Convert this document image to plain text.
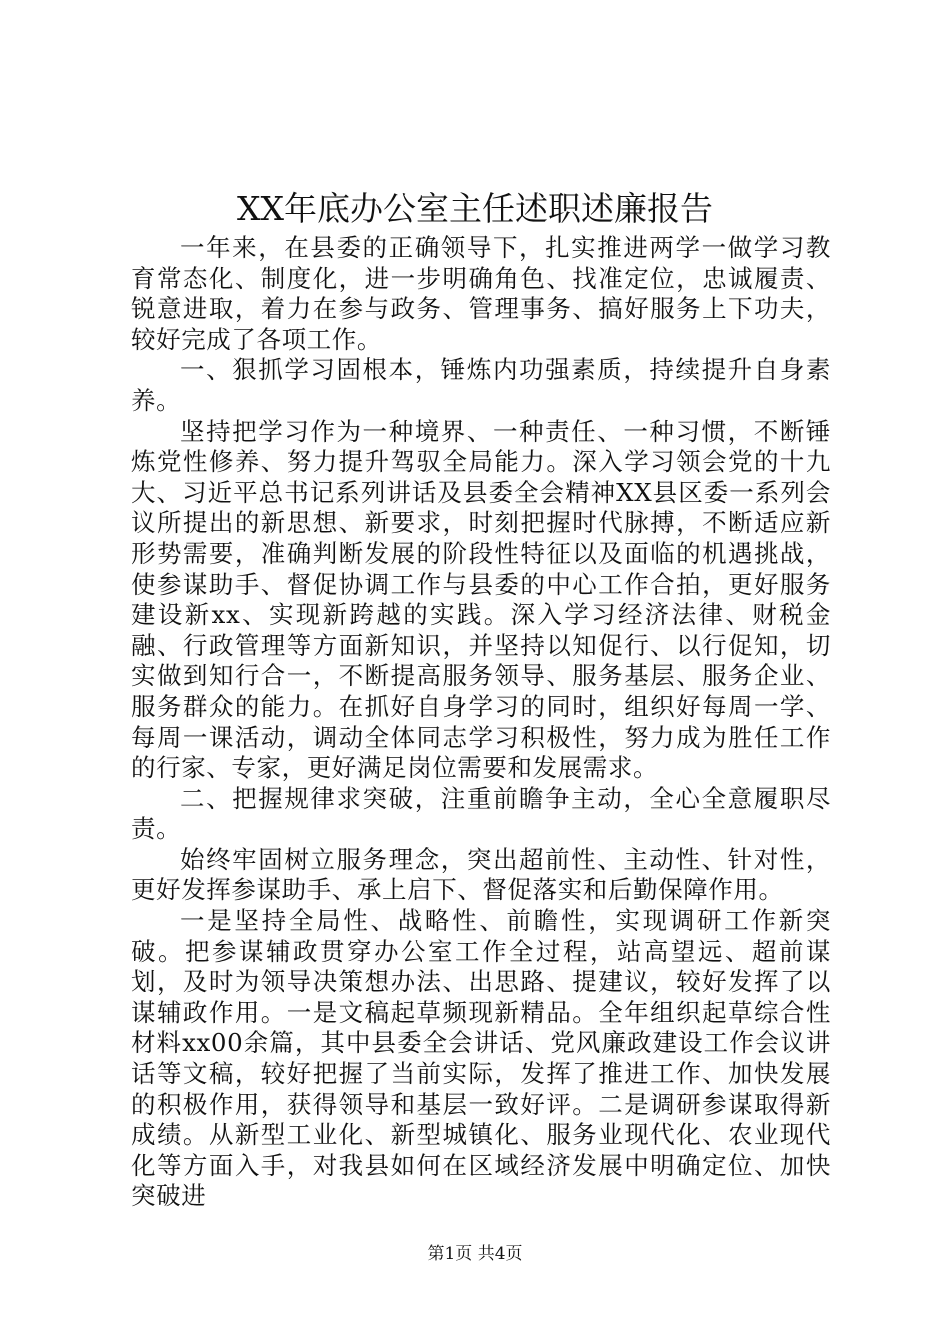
XX年底办公室主任述职述廉报告

一年来，在县委的正确领导下，扎实推进两学一做学习教育常态化、制度化，进一步明确角色、找准定位，忠诚履责、锐意进取，着力在参与政务、管理事务、搞好服务上下功夫，较好完成了各项工作。

一、狠抓学习固根本，锤炼内功强素质，持续提升自身素养。

坚持把学习作为一种境界、一种责任、一种习惯，不断锤炼党性修养、努力提升驾驭全局能力。深入学习领会党的十九大、习近平总书记系列讲话及县委全会精神XX县区委一系列会议所提出的新思想、新要求，时刻把握时代脉搏，不断适应新形势需要，准确判断发展的阶段性特征以及面临的机遇挑战，使参谋助手、督促协调工作与县委的中心工作合拍，更好服务建设新xx、实现新跨越的实践。深入学习经济法律、财税金融、行政管理等方面新知识，并坚持以知促行、以行促知，切实做到知行合一，不断提高服务领导、服务基层、服务企业、服务群众的能力。在抓好自身学习的同时，组织好每周一学、每周一课活动，调动全体同志学习积极性，努力成为胜任工作的行家、专家，更好满足岗位需要和发展需求。

二、把握规律求突破，注重前瞻争主动，全心全意履职尽责。

始终牢固树立服务理念，突出超前性、主动性、针对性，更好发挥参谋助手、承上启下、督促落实和后勤保障作用。

一是坚持全局性、战略性、前瞻性，实现调研工作新突破。把参谋辅政贯穿办公室工作全过程，站高望远、超前谋划，及时为领导决策想办法、出思路、提建议，较好发挥了以谋辅政作用。一是文稿起草频现新精品。全年组织起草综合性材料xx00余篇，其中县委全会讲话、党风廉政建设工作会议讲话等文稿，较好把握了当前实际，发挥了推进工作、加快发展的积极作用，获得领导和基层一致好评。二是调研参谋取得新成绩。从新型工业化、新型城镇化、服务业现代化、农业现代化等方面入手，对我县如何在区域经济发展中明确定位、加快突破进

第1页 共4页
